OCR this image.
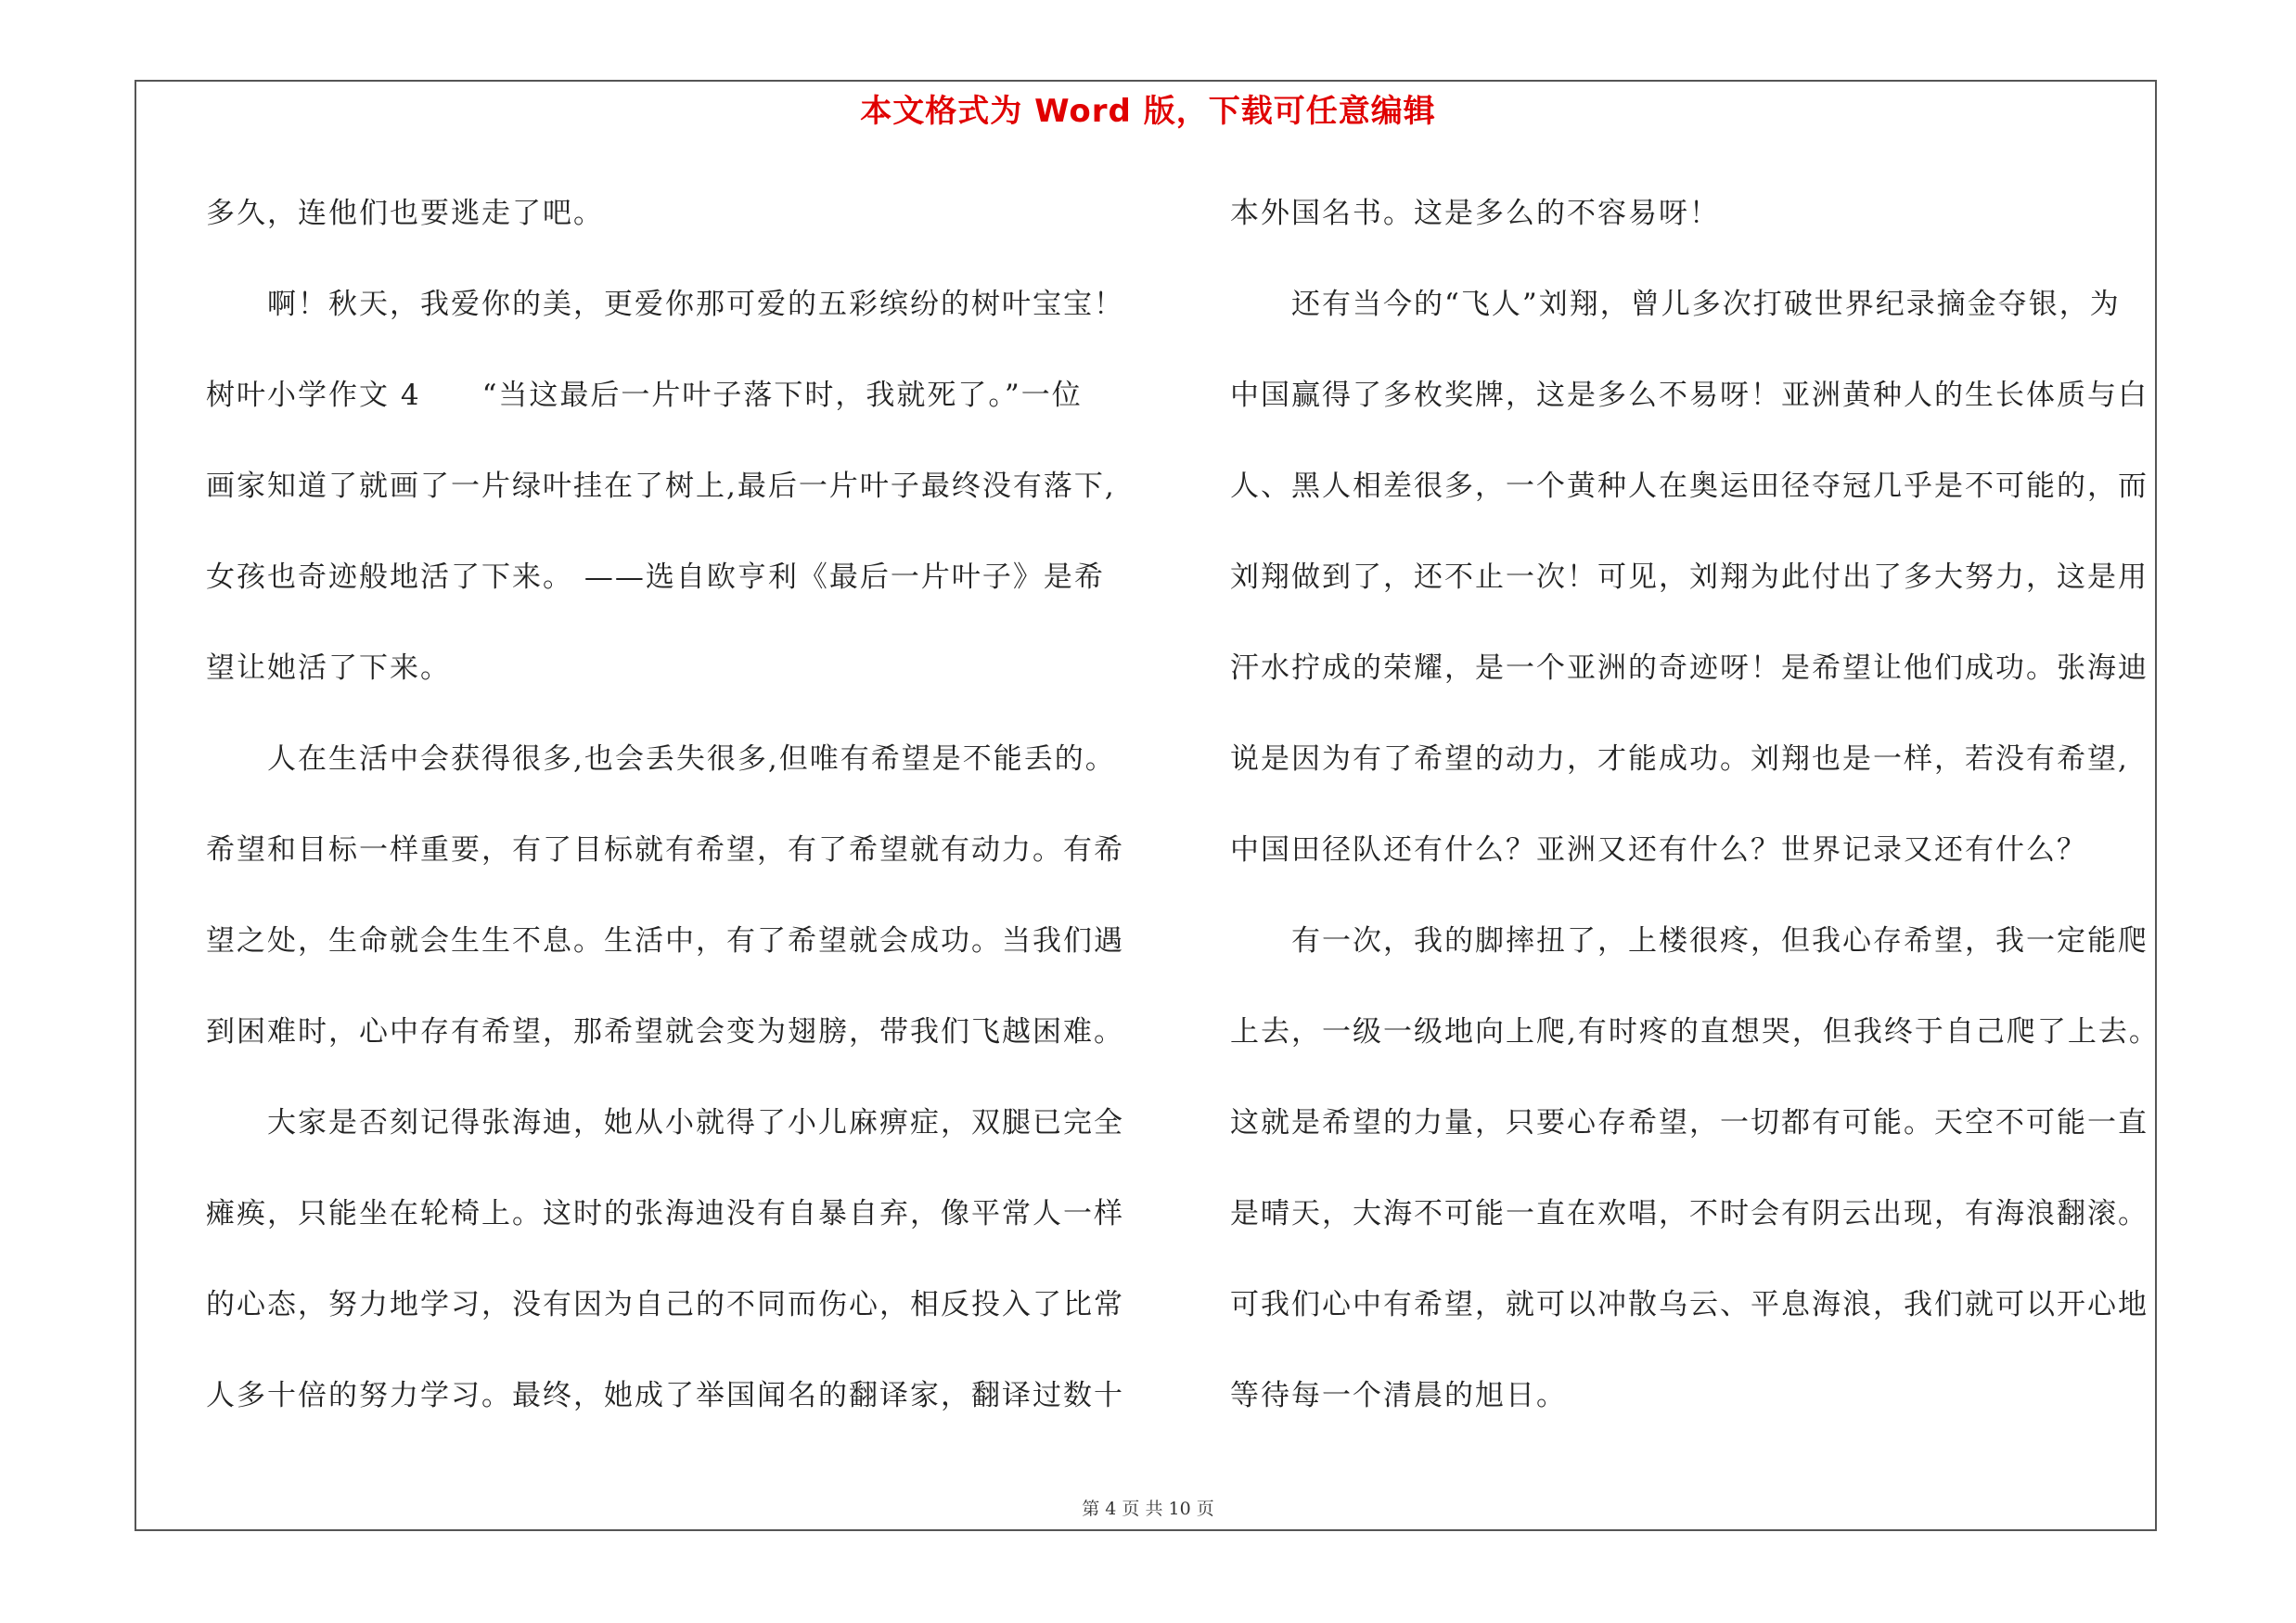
本文格式为 Word 版，下载可任意编辑
多久，连他们也要逃走了吧。
　　啊！秋天，我爱你的美，更爱你那可爱的五彩缤纷的树叶宝宝！
树叶小学作文 4　　“当这最后一片叶子落下时，我就死了。”一位
画家知道了就画了一片绿叶挂在了树上,最后一片叶子最终没有落下,
女孩也奇迹般地活了下来。 ——选自欧亨利《最后一片叶子》是希
望让她活了下来。
　　人在生活中会获得很多,也会丢失很多,但唯有希望是不能丢的。
希望和目标一样重要，有了目标就有希望，有了希望就有动力。有希
望之处，生命就会生生不息。生活中，有了希望就会成功。当我们遇
到困难时，心中存有希望，那希望就会变为翅膀，带我们飞越困难。
　　大家是否刻记得张海迪，她从小就得了小儿麻痹症，双腿已完全
瘫痪，只能坐在轮椅上。这时的张海迪没有自暴自弃，像平常人一样
的心态，努力地学习，没有因为自己的不同而伤心，相反投入了比常
人多十倍的努力学习。最终，她成了举国闻名的翻译家，翻译过数十
本外国名书。这是多么的不容易呀！
　　还有当今的“飞人”刘翔，曾儿多次打破世界纪录摘金夺银，为
中国赢得了多枚奖牌，这是多么不易呀！亚洲黄种人的生长体质与白
人、黑人相差很多，一个黄种人在奥运田径夺冠几乎是不可能的，而
刘翔做到了，还不止一次！可见，刘翔为此付出了多大努力，这是用
汗水拧成的荣耀，是一个亚洲的奇迹呀！是希望让他们成功。张海迪
说是因为有了希望的动力，才能成功。刘翔也是一样，若没有希望,
中国田径队还有什么？亚洲又还有什么？世界记录又还有什么？
　　有一次，我的脚摔扭了，上楼很疼，但我心存希望，我一定能爬
上去，一级一级地向上爬,有时疼的直想哭，但我终于自己爬了上去。
这就是希望的力量，只要心存希望，一切都有可能。天空不可能一直
是晴天，大海不可能一直在欢唱，不时会有阴云出现，有海浪翻滚。
可我们心中有希望，就可以冲散乌云、平息海浪，我们就可以开心地
等待每一个清晨的旭日。
第 4 页 共 10 页
